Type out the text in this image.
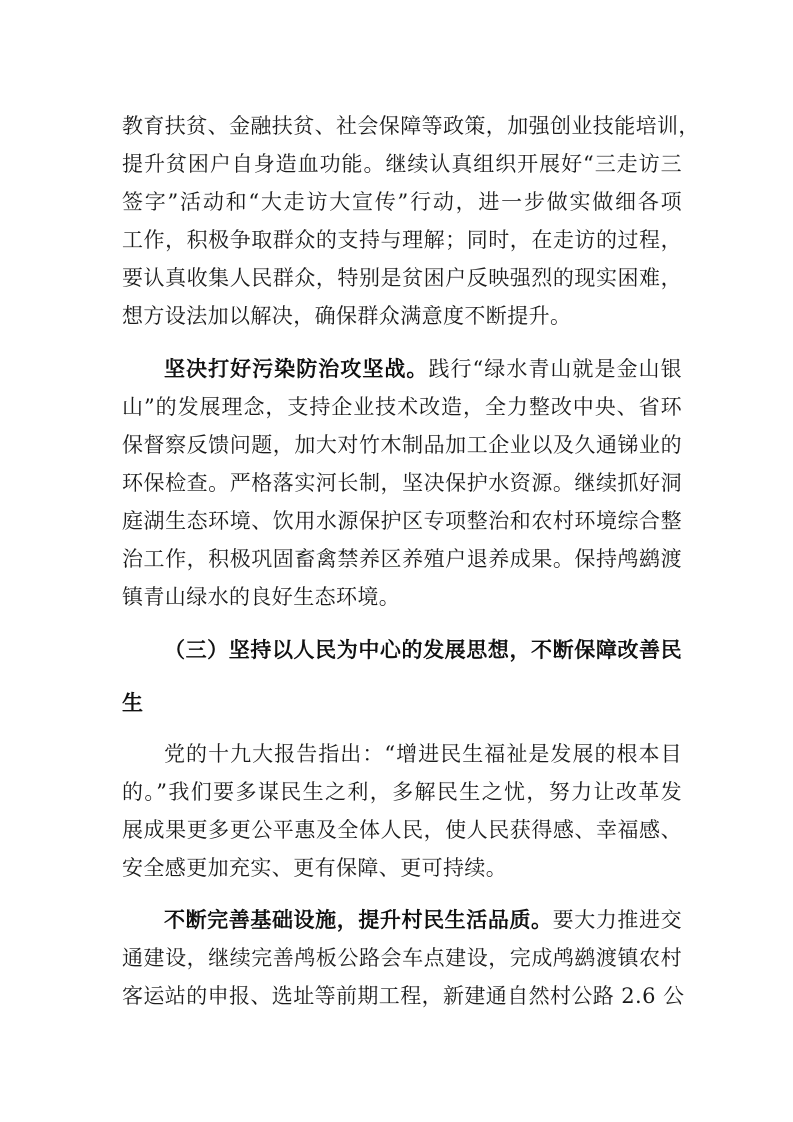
教育扶贫、金融扶贫、社会保障等政策，加强创业技能培训，
提升贫困户自身造血功能。继续认真组织开展好“三走访三
签字”活动和“大走访大宣传”行动，进一步做实做细各项
工作，积极争取群众的支持与理解；同时，在走访的过程，
要认真收集人民群众，特别是贫困户反映强烈的现实困难，
想方设法加以解决，确保群众满意度不断提升。
坚决打好污染防治攻坚战。践行“绿水青山就是金山银
山”的发展理念，支持企业技术改造，全力整改中央、省环
保督察反馈问题，加大对竹木制品加工企业以及久通锑业的
环保检查。严格落实河长制，坚决保护水资源。继续抓好洞
庭湖生态环境、饮用水源保护区专项整治和农村环境综合整
治工作，积极巩固畜禽禁养区养殖户退养成果。保持鸬鹚渡
镇青山绿水的良好生态环境。
（三）坚持以人民为中心的发展思想，不断保障改善民
生
党的十九大报告指出：“增进民生福祉是发展的根本目
的。”我们要多谋民生之利，多解民生之忧，努力让改革发
展成果更多更公平惠及全体人民，使人民获得感、幸福感、
安全感更加充实、更有保障、更可持续。
不断完善基础设施，提升村民生活品质。要大力推进交
通建设，继续完善鸬板公路会车点建设，完成鸬鹚渡镇农村
客运站的申报、选址等前期工程，新建通自然村公路 2.6 公
